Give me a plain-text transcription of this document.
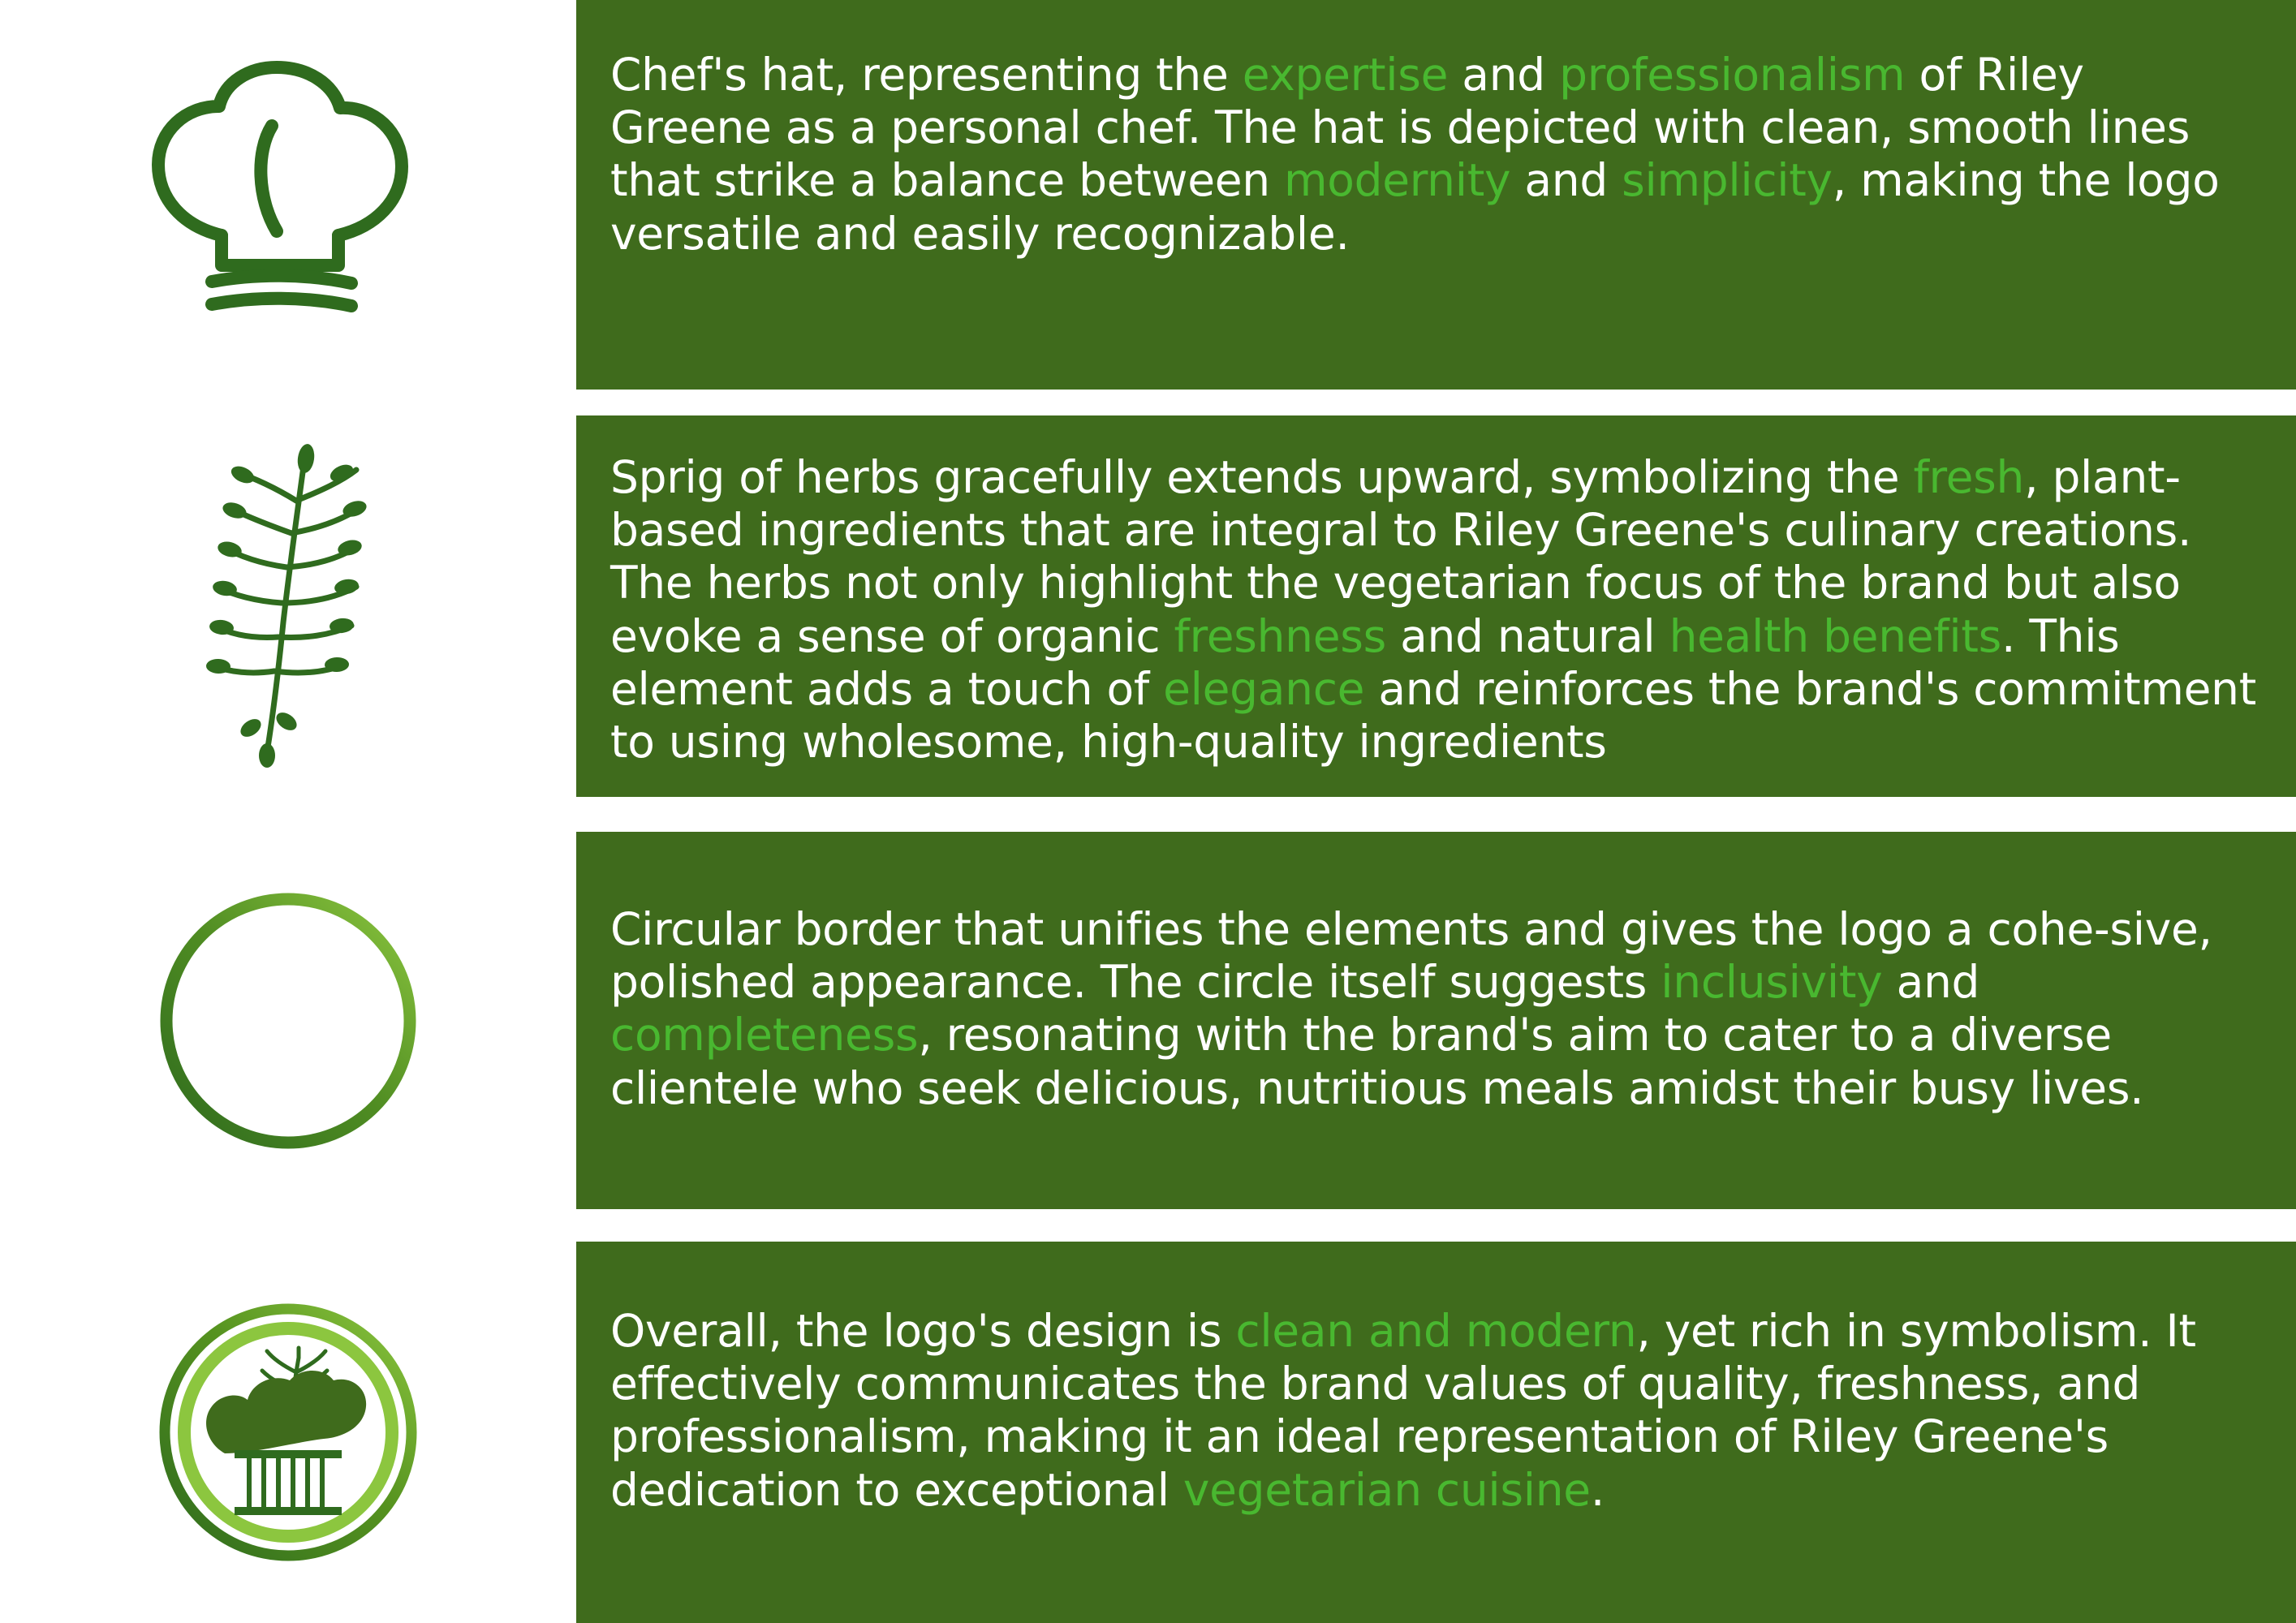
Chef's hat, representing the expertise and professionalism of Riley Greene as a personal chef. The hat is depicted with clean, smooth lines that strike a balance between modernity and simplicity, making the logo versatile and easily recognizable.
Sprig of herbs gracefully extends upward, symbolizing the fresh, plant-based ingredients that are integral to Riley Greene's culinary creations. The herbs not only highlight the vegetarian focus of the brand but also evoke a sense of organic freshness and natural health benefits. This element adds a touch of elegance and reinforces the brand's commitment to using wholesome, high-quality ingredients
Circular border that unifies the elements and gives the logo a cohe-sive, polished appearance. The circle itself suggests inclusivity and completeness, resonating with the brand's aim to cater to a diverse clientele who seek delicious, nutritious meals amidst their busy lives.
Overall, the logo's design is clean and modern, yet rich in symbolism. It effectively communicates the brand values of quality, freshness, and professionalism, making it an ideal representation of Riley Greene's dedication to exceptional vegetarian cuisine.
